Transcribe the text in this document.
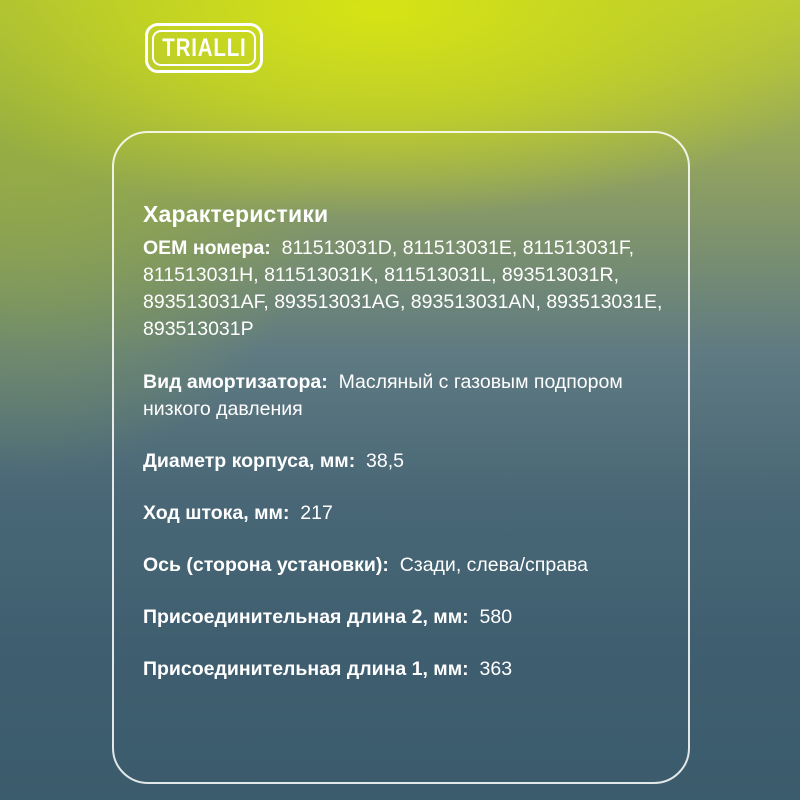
TRIALLI
Характеристики

OEM номера: 811513031D, 811513031E, 811513031F, 811513031H, 811513031K, 811513031L, 893513031R, 893513031AF, 893513031AG, 893513031AN, 893513031E, 893513031P

Вид амортизатора: Масляный с газовым подпором низкого давления

Диаметр корпуса, мм: 38,5

Ход штока, мм: 217

Ось (сторона установки): Сзади, слева/справа

Присоединительная длина 2, мм: 580

Присоединительная длина 1, мм: 363
